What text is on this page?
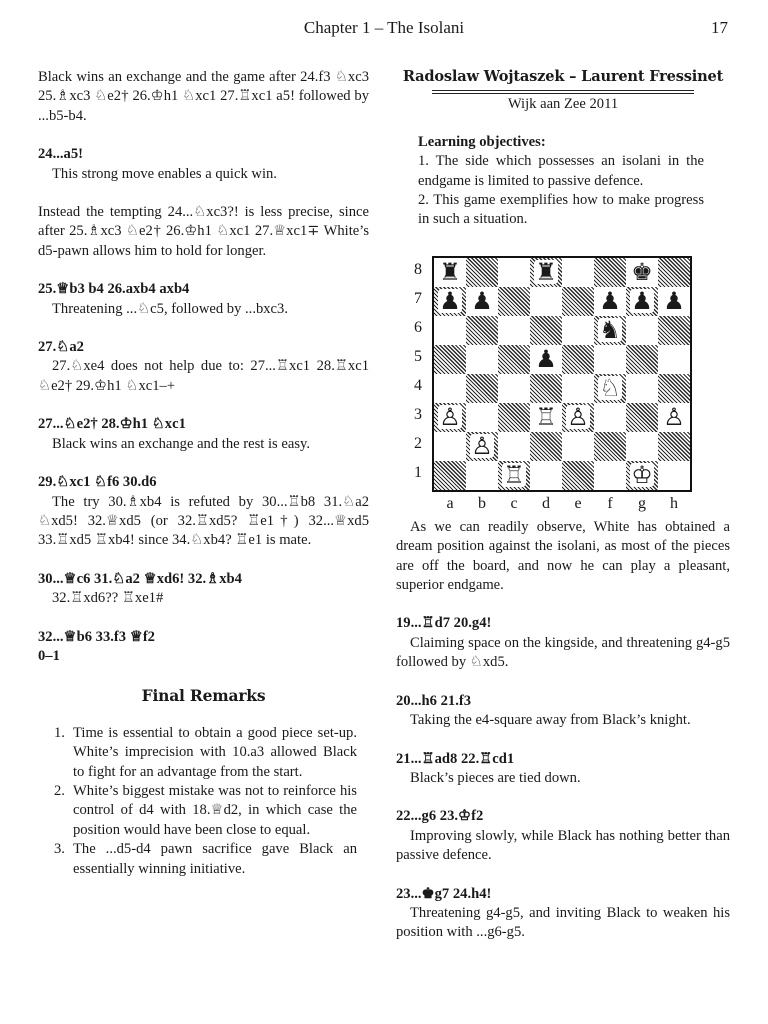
Chapter 1 – The Isolani	17

Black wins an exchange and the game after 24.f3 ♘xc3 25.♗xc3 ♘e2† 26.♔h1 ♘xc1 27.♖xc1 a5! followed by ...b5-b4.

24...a5!

This strong move enables a quick win.

Instead the tempting 24...♘xc3?! is less precise, since after 25.♗xc3 ♘e2† 26.♔h1 ♘xc1 27.♕xc1∓ White’s d5-pawn allows him to hold for longer.

25.♕b3 b4 26.axb4 axb4

Threatening ...♘c5, followed by ...bxc3.

27.♘a2

27.♘xe4 does not help due to: 27...♖xc1 28.♖xc1 ♘e2† 29.♔h1 ♘xc1–+

27...♘e2† 28.♔h1 ♘xc1

Black wins an exchange and the rest is easy.

29.♘xc1 ♘f6 30.d6

The try 30.♗xb4 is refuted by 30...♖b8 31.♘a2 ♘xd5! 32.♕xd5 (or 32.♖xd5? ♖e1†) 32...♕xd5 33.♖xd5 ♖xb4! since 34.♘xb4? ♖e1 is mate.

30...♕c6 31.♘a2 ♕xd6! 32.♗xb4

32.♖xd6?? ♖xe1#

32...♕b6 33.f3 ♕f2

0–1

Final Remarks
1. Time is essential to obtain a good piece set-up. White’s imprecision with 10.a3 allowed Black to fight for an advantage from the start.
2. White’s biggest mistake was not to reinforce his control of d4 with 18.♕d2, in which case the position would have been close to equal.
3. The ...d5-d4 pawn sacrifice gave Black an essentially winning initiative.
Radoslaw Wojtaszek – Laurent Fressinet
Wijk aan Zee 2011

Learning objectives:

1. The side which possesses an isolani in the endgame is limited to passive defence.

2. This game exemplifies how to make progress in such a situation.

8
7
6
5
4
3
2
1
♜	♜	♚
♟ ♟	♟ ♟ ♟
♞
♟
♘
♙	♖ ♙	♙
♙
♖	♔
a	b	c	d	e	f	g	h

As we can readily observe, White has obtained a dream position against the isolani, as most of the pieces are off the board, and now he can play a pleasant, superior endgame.

19...♖d7 20.g4!

Claiming space on the kingside, and threatening g4-g5 followed by ♘xd5.

20...h6 21.f3

Taking the e4-square away from Black’s knight.

21...♖ad8 22.♖cd1

Black’s pieces are tied down.

22...g6 23.♔f2

Improving slowly, while Black has nothing better than passive defence.

23...♚g7 24.h4!

Threatening g4-g5, and inviting Black to weaken his position with ...g6-g5.
